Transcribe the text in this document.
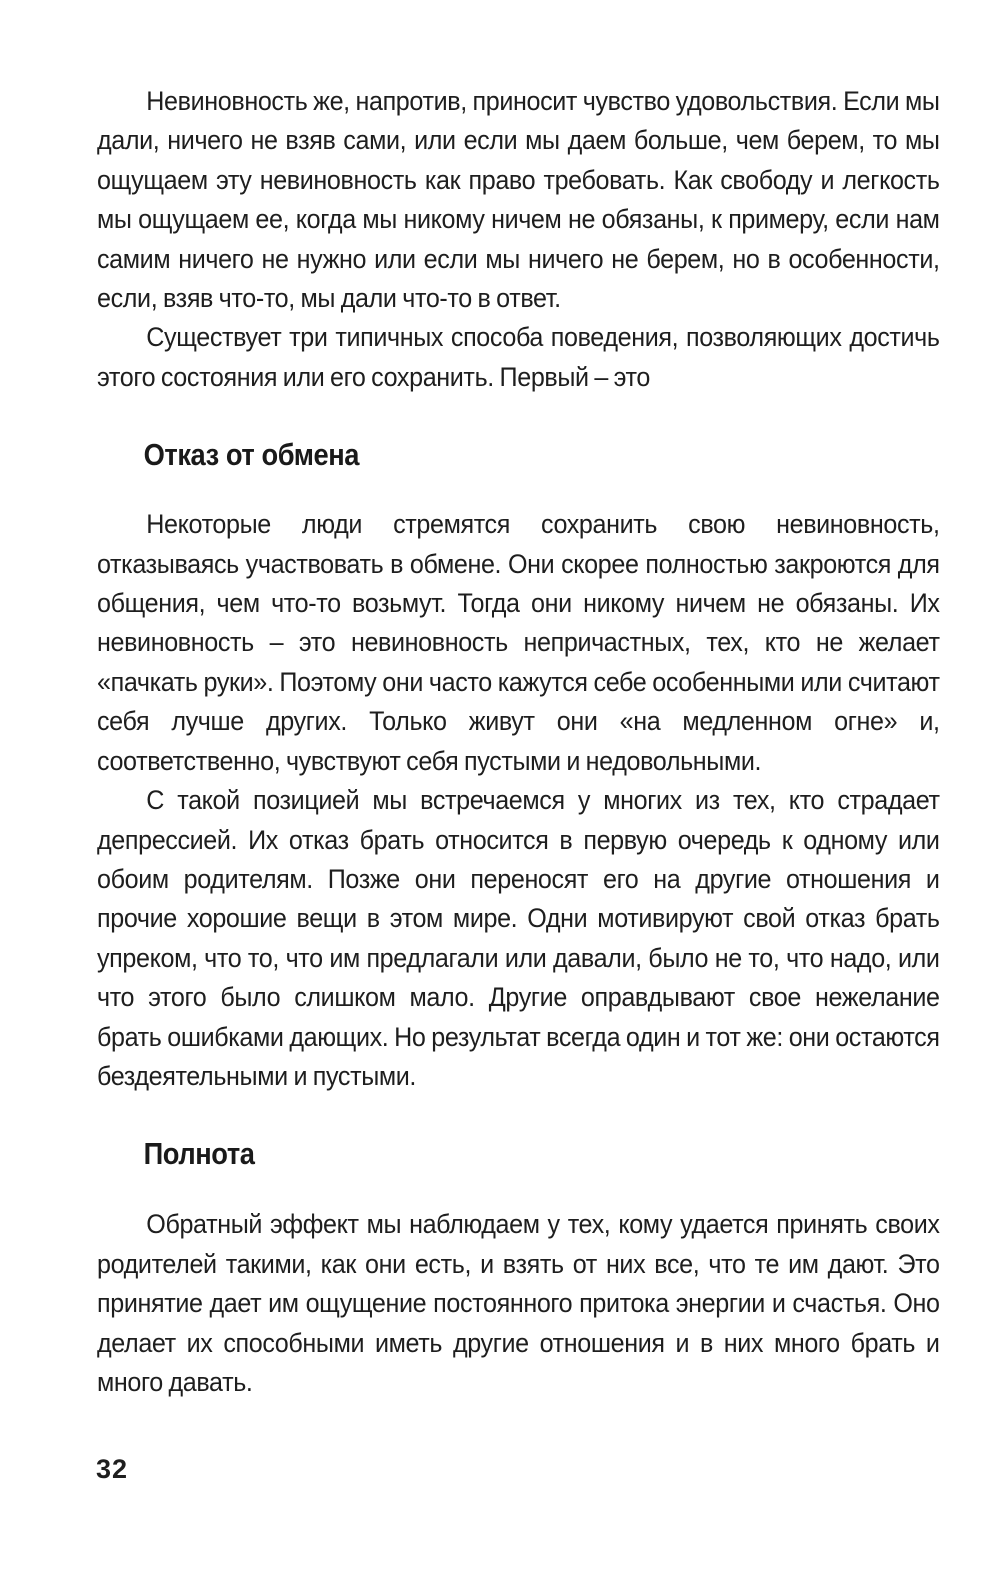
Невиновность же, напротив, приносит чувство удовольствия. Если мы дали, ничего не взяв сами, или если мы даем больше, чем берем, то мы ощущаем эту невиновность как право требовать. Как свободу и легкость мы ощущаем ее, когда мы никому ничем не обязаны, к примеру, если нам самим ничего не нужно или если мы ничего не берем, но в особенности, если, взяв что-то, мы дали что-то в ответ.

Существует три типичных способа поведения, позволяющих достичь этого состояния или его сохранить. Первый – это

Отказ от обмена

Некоторые люди стремятся сохранить свою невиновность, отказываясь участвовать в обмене. Они скорее полностью закроются для общения, чем что-то возьмут. Тогда они никому ничем не обязаны. Их невиновность – это невиновность непричастных, тех, кто не желает «пачкать руки». Поэтому они часто кажутся себе особенными или считают себя лучше других. Только живут они «на медленном огне» и, соответственно, чувствуют себя пустыми и недовольными.

С такой позицией мы встречаемся у многих из тех, кто страдает депрессией. Их отказ брать относится в первую очередь к одному или обоим родителям. Позже они переносят его на другие отношения и прочие хорошие вещи в этом мире. Одни мотивируют свой отказ брать упреком, что то, что им предлагали или давали, было не то, что надо, или что этого было слишком мало. Другие оправдывают свое нежелание брать ошибками дающих. Но результат всегда один и тот же: они остаются бездеятельными и пустыми.

Полнота

Обратный эффект мы наблюдаем у тех, кому удается принять своих родителей такими, как они есть, и взять от них все, что те им дают. Это принятие дает им ощущение постоянного притока энергии и счастья. Оно делает их способными иметь другие отношения и в них много брать и много давать.

32
